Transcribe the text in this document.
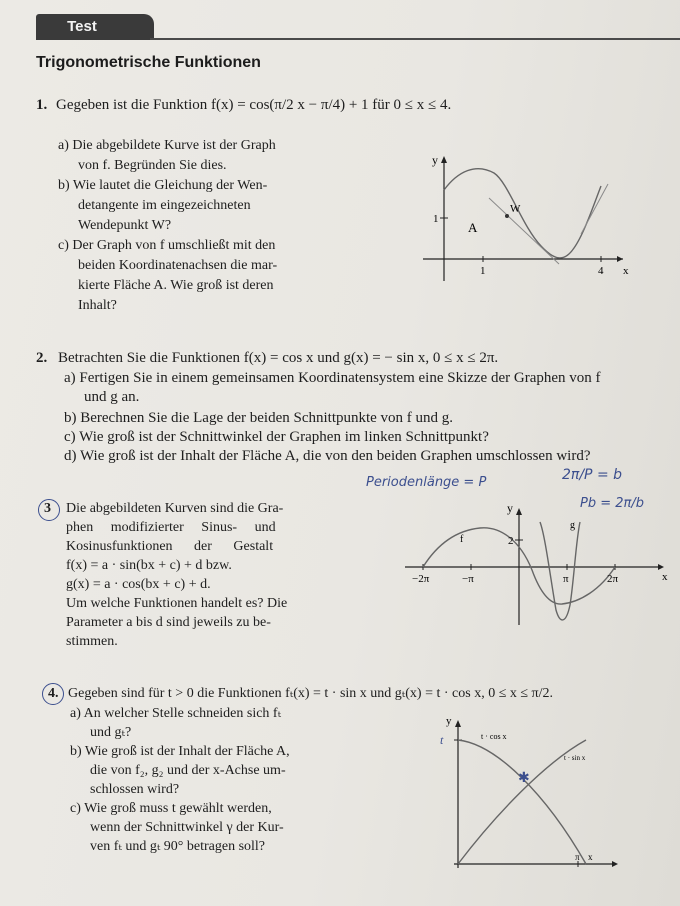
Test
Trigonometrische Funktionen
1. Gegeben ist die Funktion f(x) = cos(π/2 x − π/4) + 1 für 0 ≤ x ≤ 4.
a) Die abgebildete Kurve ist der Graph
von f. Begründen Sie dies.
b) Wie lautet die Gleichung der Wen-
detangente im eingezeichneten
Wendepunkt W?
c) Der Graph von f umschließt mit den
beiden Koordinatenachsen die mar-
kierte Fläche A. Wie groß ist deren
Inhalt?
y
1
1	4 x
A
W
2. Betrachten Sie die Funktionen f(x) = cos x und g(x) = − sin x, 0 ≤ x ≤ 2π.
a) Fertigen Sie in einem gemeinsamen Koordinatensystem eine Skizze der Graphen von f
und g an.
b) Berechnen Sie die Lage der beiden Schnittpunkte von f und g.
c) Wie groß ist der Schnittwinkel der Graphen im linken Schnittpunkt?
d) Wie groß ist der Inhalt der Fläche A, die von den beiden Graphen umschlossen wird?
3 Die abgebildeten Kurven sind die Gra-
phen modifizierter Sinus- und
Kosinusfunktionen der Gestalt
f(x) = a · sin(bx + c) + d bzw.
g(x) = a · cos(bx + c) + d.
Um welche Funktionen handelt es? Die
Parameter a bis d sind jeweils zu be-
stimmen.
Periodenlänge = P	2π/P = b
Pb = 2π/b
y
2
f
g
−2π	−π	π	2π	x
4. Gegeben sind für t > 0 die Funktionen fₜ(x) = t · sin x und gₜ(x) = t · cos x, 0 ≤ x ≤ π/2.
a) An welcher Stelle schneiden sich fₜ
und gₜ?
b) Wie groß ist der Inhalt der Fläche A,
die von f₂, g₂ und der x-Achse um-
schlossen wird?
c) Wie groß muss t gewählt werden,
wenn der Schnittwinkel γ der Kur-
ven fₜ und gₜ 90° betragen soll?
✱
y
t	t · cos x
t · sin x
π x
